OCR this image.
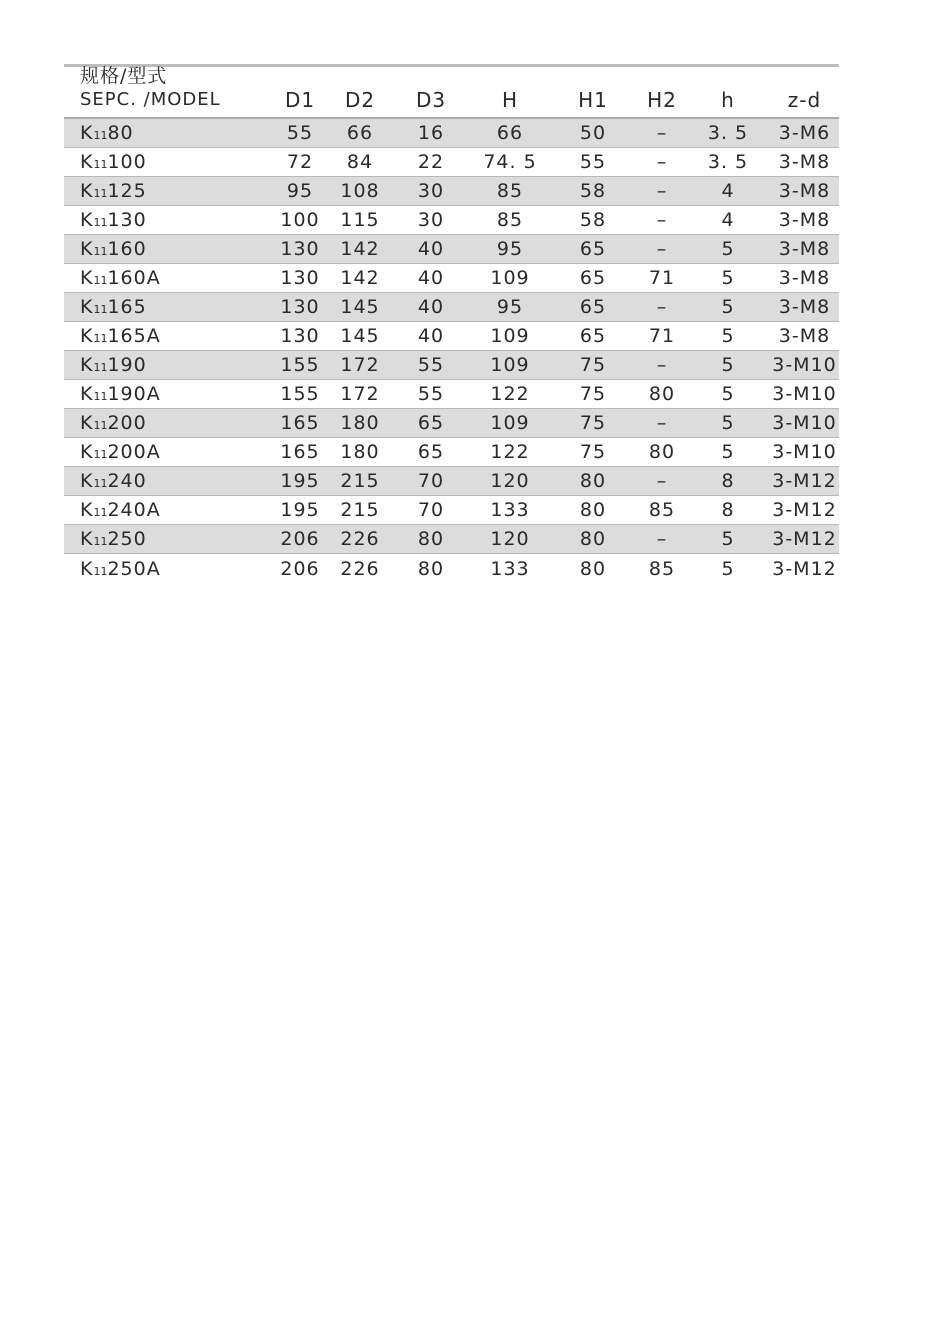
规格/型式
SEPC. /MODEL	D1	D2	D3	H	H1	H2	h	z-d
K1180	55	66	16	66	50	–	3. 5	3-M6
K11100	72	84	22	74. 5	55	–	3. 5	3-M8
K11125	95	108	30	85	58	–	4	3-M8
K11130	100	115	30	85	58	–	4	3-M8
K11160	130	142	40	95	65	–	5	3-M8
K11160A	130	142	40	109	65	71	5	3-M8
K11165	130	145	40	95	65	–	5	3-M8
K11165A	130	145	40	109	65	71	5	3-M8
K11190	155	172	55	109	75	–	5	3-M10
K11190A	155	172	55	122	75	80	5	3-M10
K11200	165	180	65	109	75	–	5	3-M10
K11200A	165	180	65	122	75	80	5	3-M10
K11240	195	215	70	120	80	–	8	3-M12
K11240A	195	215	70	133	80	85	8	3-M12
K11250	206	226	80	120	80	–	5	3-M12
K11250A	206	226	80	133	80	85	5	3-M12
